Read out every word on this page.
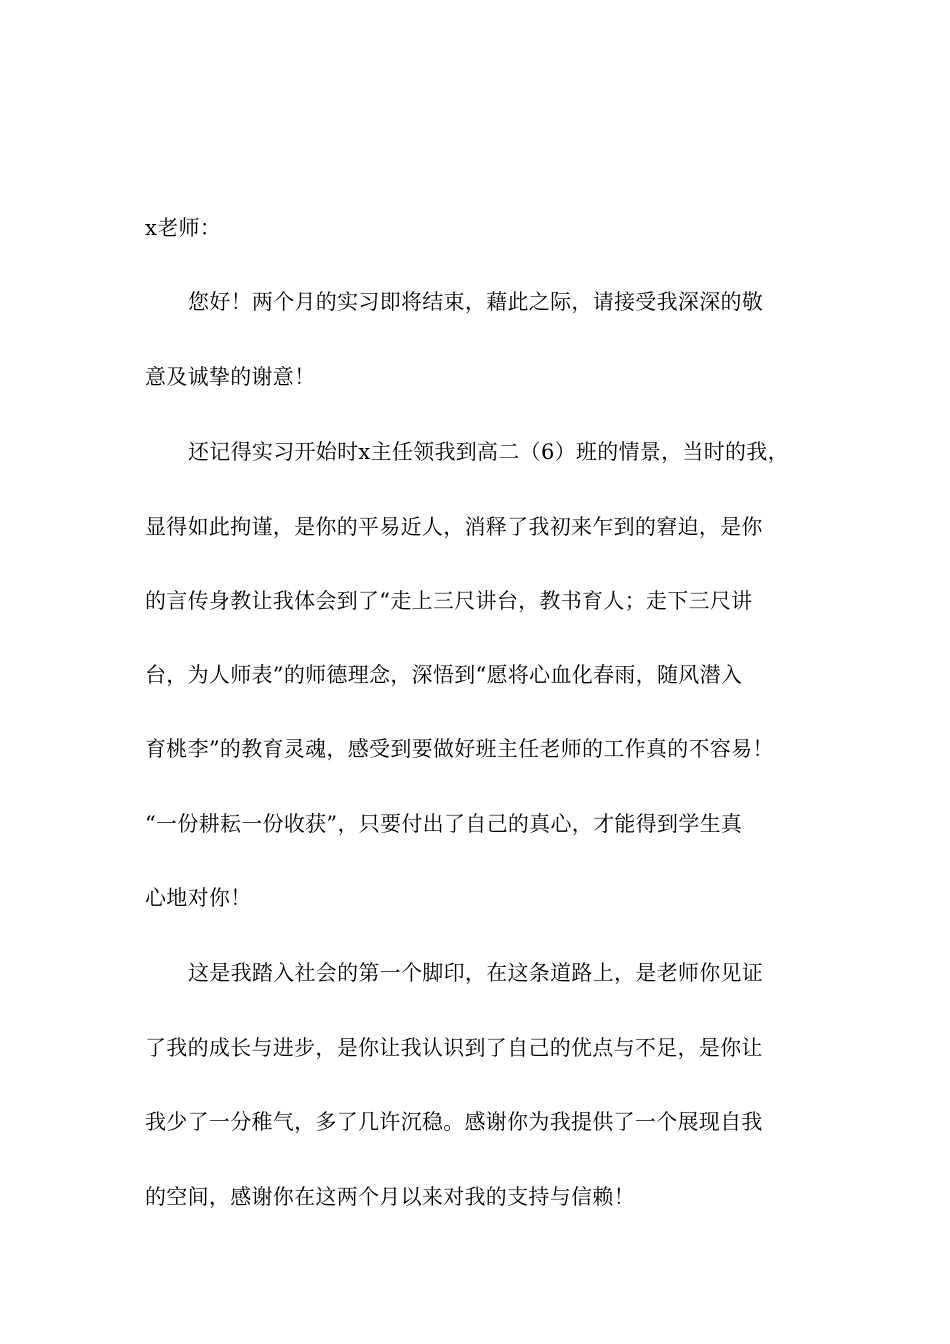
x老师：
您好！两个月的实习即将结束，藉此之际，请接受我深深的敬
意及诚挚的谢意！
还记得实习开始时x主任领我到高二（6）班的情景，当时的我，
显得如此拘谨，是你的平易近人，消释了我初来乍到的窘迫，是你
的言传身教让我体会到了“走上三尺讲台，教书育人；走下三尺讲
台，为人师表”的师德理念，深悟到“愿将心血化春雨，随风潜入
育桃李”的教育灵魂，感受到要做好班主任老师的工作真的不容易！
“一份耕耘一份收获”，只要付出了自己的真心，才能得到学生真
心地对你！
这是我踏入社会的第一个脚印，在这条道路上，是老师你见证
了我的成长与进步，是你让我认识到了自己的优点与不足，是你让
我少了一分稚气，多了几许沉稳。感谢你为我提供了一个展现自我
的空间，感谢你在这两个月以来对我的支持与信赖！
